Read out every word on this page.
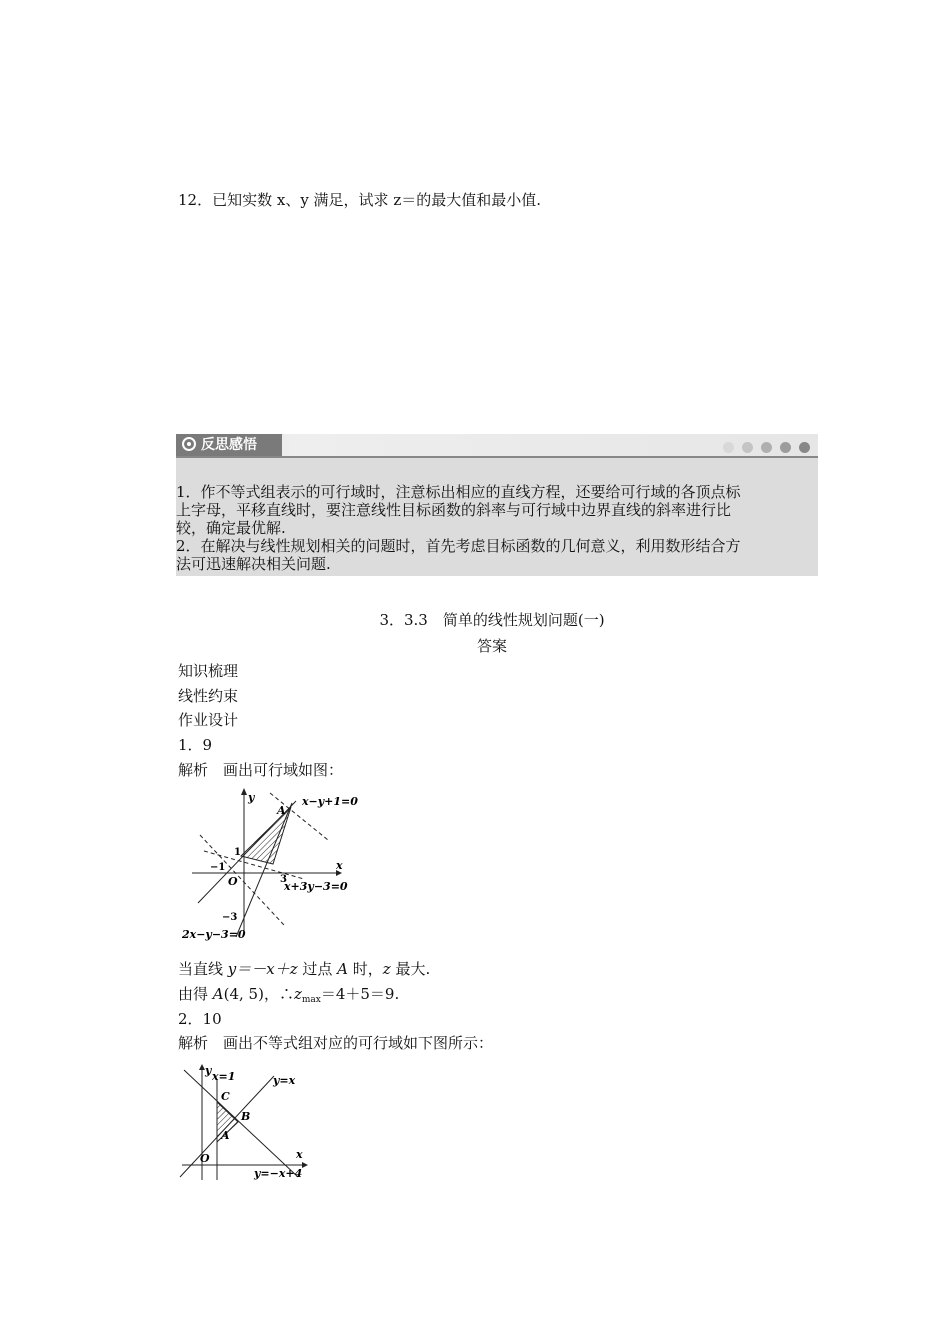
12．已知实数 x、y 满足，试求 z＝的最大值和最小值.
反思感悟

1．作不等式组表示的可行域时，注意标出相应的直线方程，还要给可行域的各顶点标

上字母，平移直线时，要注意线性目标函数的斜率与可行域中边界直线的斜率进行比

较，确定最优解.

2．在解决与线性规划相关的问题时，首先考虑目标函数的几何意义，利用数形结合方

法可迅速解决相关问题.

3．3.3　简单的线性规划问题(一)
答案
知识梳理
线性约束
作业设计
1．9
解析　画出可行域如图：
y
x
A
x−y+1=0
1
−1
O	3
x+3y−3=0
−3
2x−y−3=0
当直线 y＝－x＋z 过点 A 时，z 最大.
由得 A(4, 5)，$\therefore z_{max}=4+5=9$.
2．10
解析　画出不等式组对应的可行域如下图所示：
y
x
x=1	y=x
C
B
A
O
y=−x+4
